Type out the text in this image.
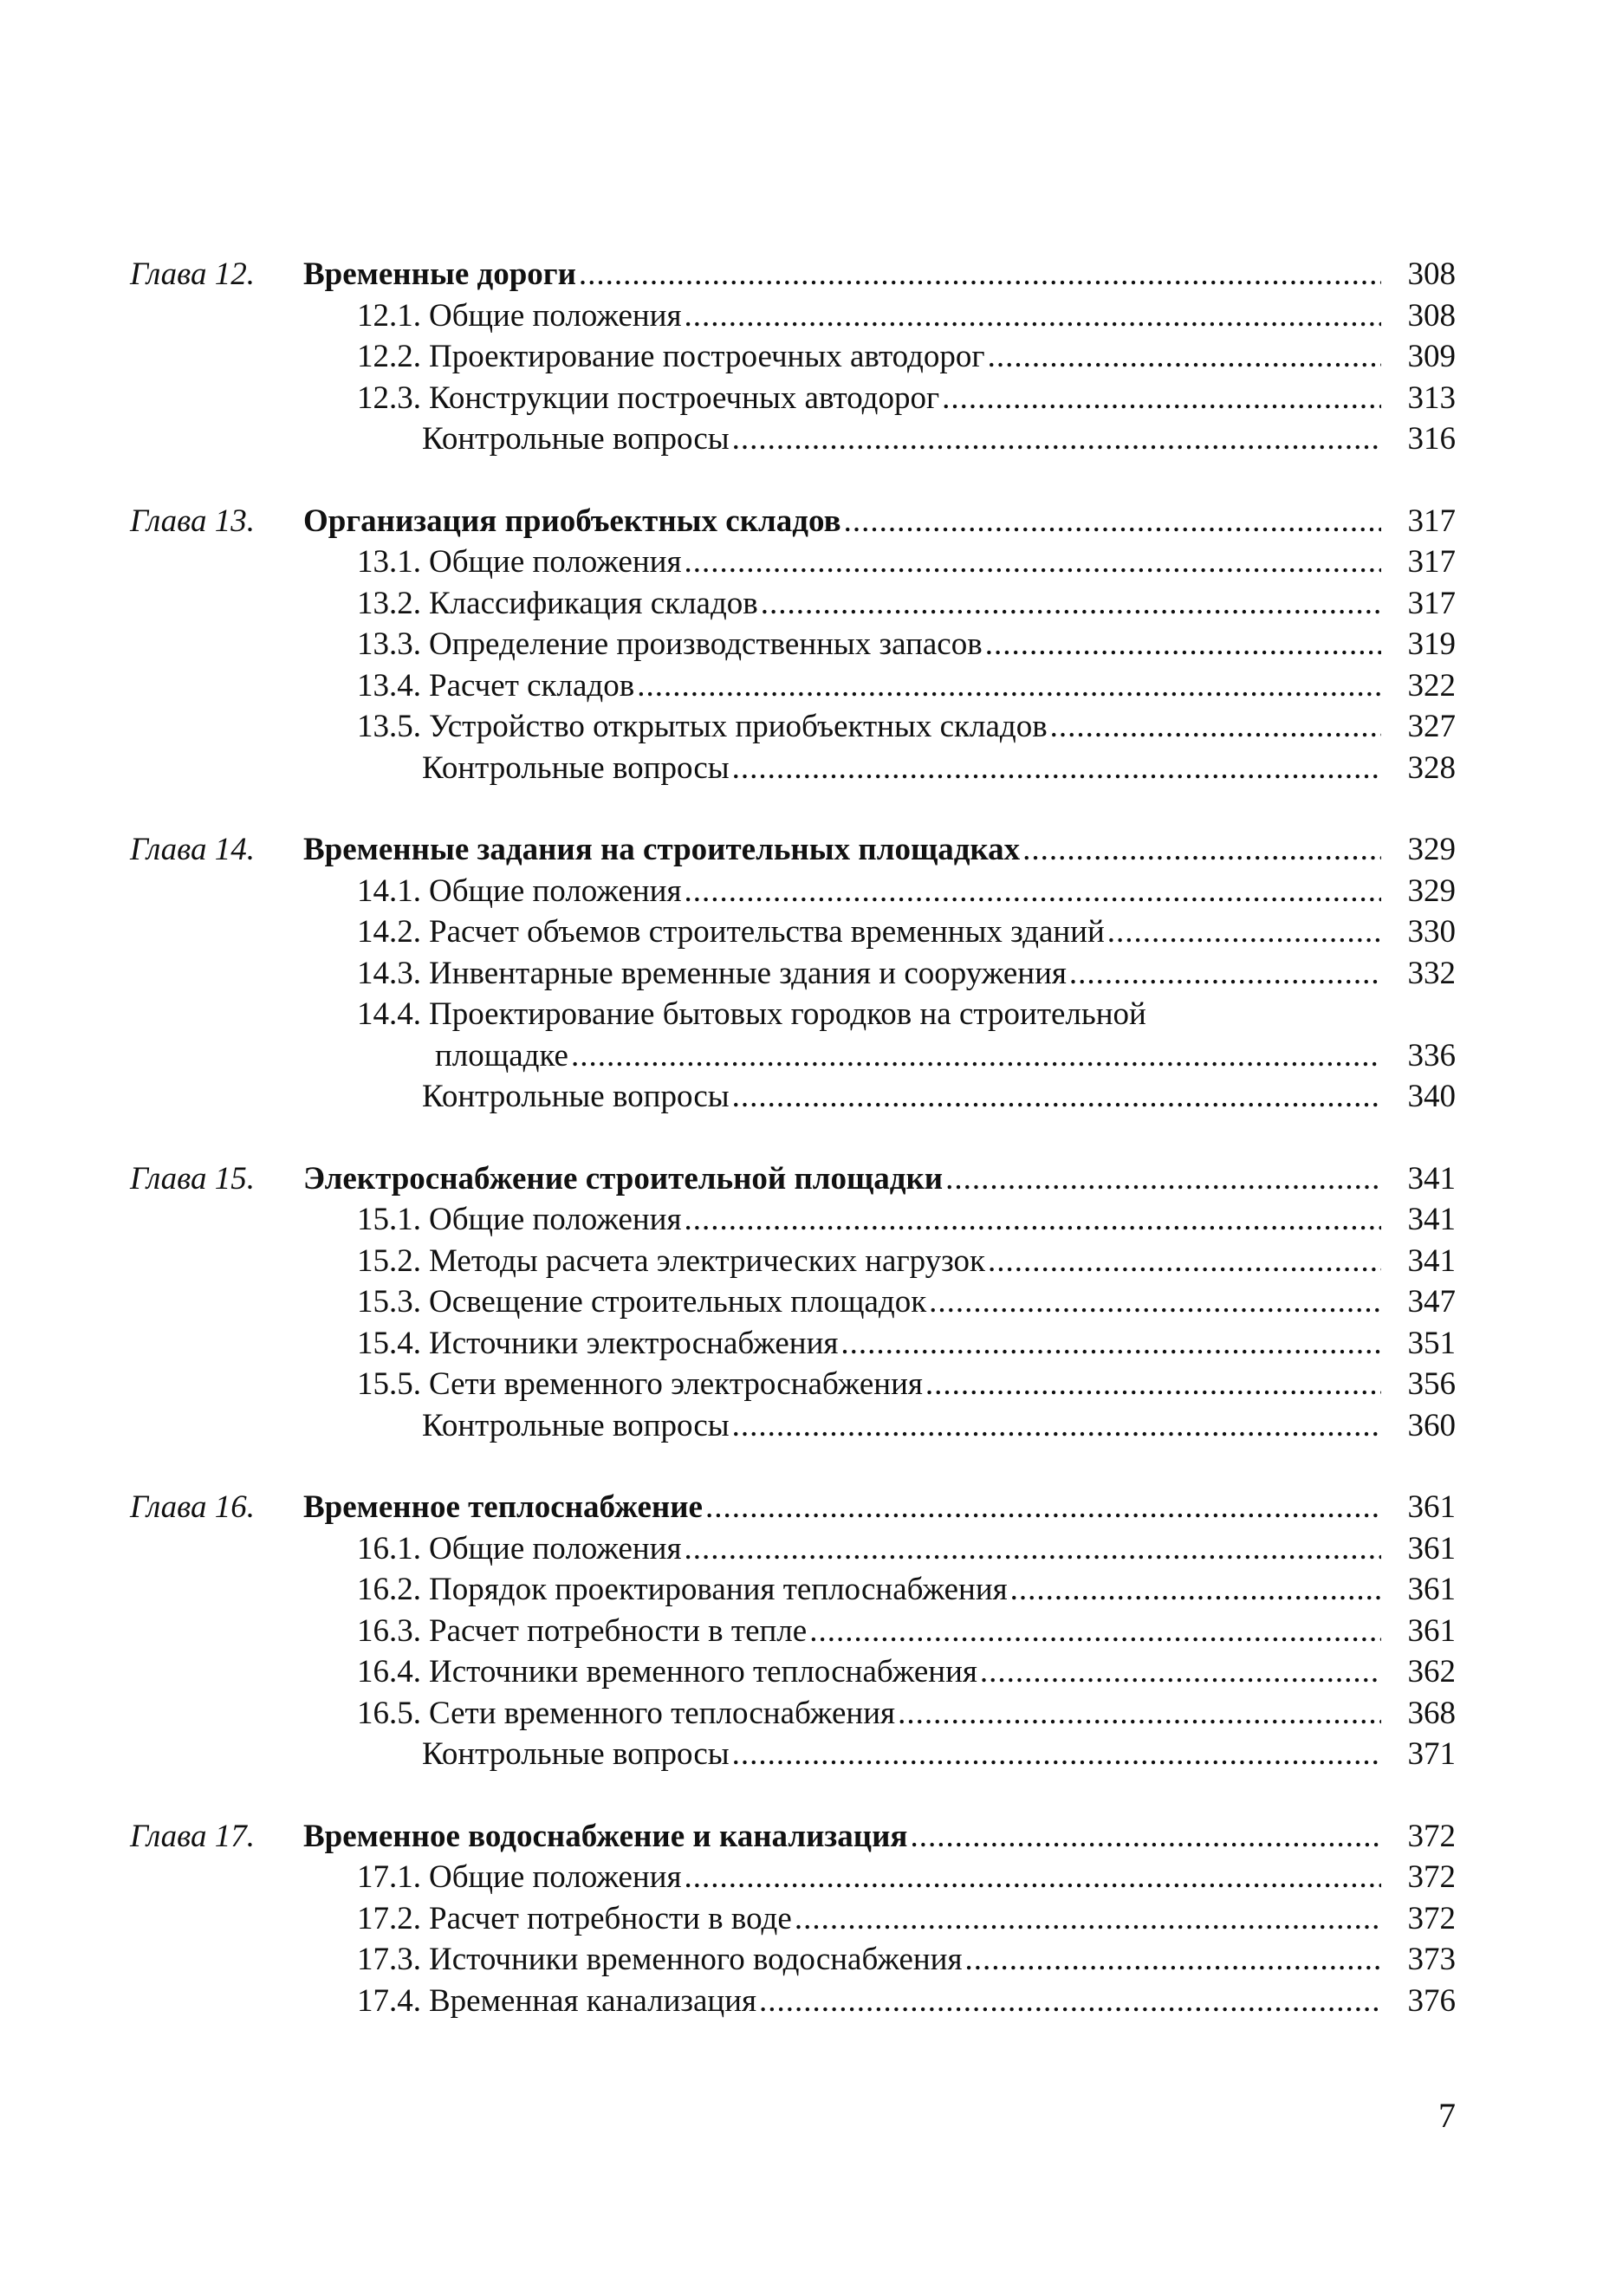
Глава 12. Временные дороги .....	308
12.1. Общие положения .....	308
12.2. Проектирование построечных автодорог .....	309
12.3. Конструкции построечных автодорог .....	313
Контрольные вопросы .....	316
Глава 13. Организация приобъектных складов .....	317
13.1. Общие положения .....	317
13.2. Классификация складов .....	317
13.3. Определение производственных запасов .....	319
13.4. Расчет складов .....	322
13.5. Устройство открытых приобъектных складов .....	327
Контрольные вопросы .....	328
Глава 14. Временные задания на строительных площадках .....	329
14.1. Общие положения .....	329
14.2. Расчет объемов строительства временных зданий .....	330
14.3. Инвентарные временные здания и сооружения .....	332
14.4. Проектирование бытовых городков на строительной
площадке .....	336
Контрольные вопросы .....	340
Глава 15. Электроснабжение строительной площадки .....	341
15.1. Общие положения .....	341
15.2. Методы расчета электрических нагрузок .....	341
15.3. Освещение строительных площадок .....	347
15.4. Источники электроснабжения .....	351
15.5. Сети временного электроснабжения .....	356
Контрольные вопросы .....	360
Глава 16. Временное теплоснабжение .....	361
16.1. Общие положения .....	361
16.2. Порядок проектирования теплоснабжения .....	361
16.3. Расчет потребности в тепле .....	361
16.4. Источники временного теплоснабжения .....	362
16.5. Сети временного теплоснабжения .....	368
Контрольные вопросы .....	371
Глава 17. Временное водоснабжение и канализация .....	372
17.1. Общие положения .....	372
17.2. Расчет потребности в воде .....	372
17.3. Источники временного водоснабжения .....	373
17.4. Временная канализация .....	376
7
